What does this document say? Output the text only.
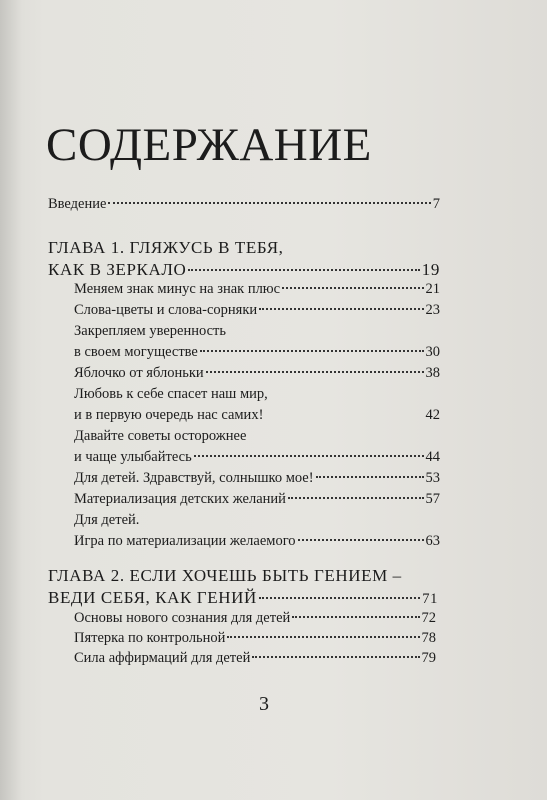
СОДЕРЖАНИЕ
Введение	7
ГЛАВА 1. ГЛЯЖУСЬ В ТЕБЯ,
КАК В ЗЕРКАЛО	19
Меняем знак минус на знак плюс	21
Слова-цветы и слова-сорняки	23
Закрепляем уверенность
в своем могуществе	30
Яблочко от яблоньки	38
Любовь к себе спасет наш мир,
и в первую очередь нас самих!	42
Давайте советы осторожнее
и чаще улыбайтесь	44
Для детей. Здравствуй, солнышко мое!	53
Материализация детских желаний	57
Для детей.
Игра по материализации желаемого	63
ГЛАВА 2. ЕСЛИ ХОЧЕШЬ БЫТЬ ГЕНИЕМ –
ВЕДИ СЕБЯ, КАК ГЕНИЙ	71
Основы нового сознания для детей	72
Пятерка по контрольной	78
Сила аффирмаций для детей	79
3
